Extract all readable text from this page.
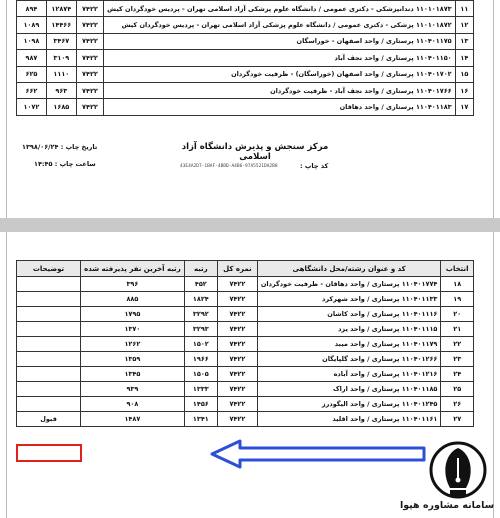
۱۱	۱۱۰۱۰۱۸۷۳ دندانپزشکی - دکتری عمومی / دانشگاه علوم پزشکی آزاد اسلامی تهران - پردیس خودگردان کیش	۷۴۲۲	۱۲۸۷۴	۸۹۴
۱۲	۱۱۰۱۰۱۸۷۲ پزشکی - دکتری عمومی / دانشگاه علوم پزشکی آزاد اسلامی تهران - پردیس خودگردان کیش	۷۴۲۲	۱۴۴۶۶	۱۰۸۹
۱۳	۱۱۰۴۰۱۱۷۵ پرستاری / واحد اصفهان - خوراسگان	۷۴۲۲	۳۴۶۷	۱۰۹۸
۱۴	۱۱۰۴۰۱۱۵۰ پرستاری / واحد نجف آباد	۷۴۲۲	۳۱۰۹	۹۸۷
۱۵	۱۱۰۴۰۱۷۰۲ پرستاری / واحد اصفهان (خوراسگان) - ظرفیت خودگردان	۷۴۲۲	۱۱۱۰	۶۲۵
۱۶	۱۱۰۴۰۱۷۶۶ پرستاری / واحد نجف آباد - ظرفیت خودگردان	۷۴۲۲	۹۶۳	۶۶۲
۱۷	۱۱۰۴۰۱۱۸۳ پرستاری / واحد دهاقان	۷۴۲۲	۱۶۸۵	۱۰۷۲
مرکز سنجش و پذیرش دانشگاه آزاد اسلامی
تاریخ چاپ : ۱۳۹۸/۰۶/۲۴
ساعت چاپ : ۱۴:۴۵	کد چاپ :
43E4A2D7-1BAF-4BDD-A4B6-97A5521DA2B8
انتخاب	کد و عنوان رشته/محل دانشگاهی	نمره کل	رتبه	رتبه آخرین نفر پذیرفته شده	توضیحات
۱۸	۱۱۰۴۰۱۷۷۴ پرستاری / واحد دهاقان - ظرفیت خودگردان	۷۴۲۲	۴۵۲	۳۹۶	
۱۹	۱۱۰۴۰۱۱۳۳ پرستاری / واحد شهرکرد	۷۴۲۲	۱۸۲۴	۸۸۵	
۲۰	۱۱۰۴۰۱۱۱۶ پرستاری / واحد کاشان	۷۴۲۲	۳۲۹۲	۱۷۹۵	
۲۱	۱۱۰۴۰۱۱۱۵ پرستاری / واحد یزد	۷۴۲۲	۳۲۹۳	۱۳۷۰	
۲۲	۱۱۰۴۰۱۱۷۹ پرستاری / واحد میبد	۷۴۲۲	۱۵۰۲	۱۲۶۲	
۲۳	۱۱۰۴۰۱۲۶۶ پرستاری / واحد گلپایگان	۷۴۲۲	۱۹۶۶	۱۳۵۹	
۲۴	۱۱۰۴۰۱۲۱۶ پرستاری / واحد آباده	۷۴۲۲	۱۵۰۵	۱۳۴۵	
۲۵	۱۱۰۴۰۱۱۸۵ پرستاری / واحد اراک	۷۴۲۲	۱۳۳۳	۹۳۹	
۲۶	۱۱۰۴۰۱۲۴۵ پرستاری / واحد الیگودرز	۷۴۲۲	۱۴۵۶	۹۰۸	
۲۷	۱۱۰۴۰۱۱۶۱ پرستاری / واحد اقلید	۷۴۲۲	۱۳۴۱	۱۴۸۷	قبول
سامانه مشاوره هپوا
